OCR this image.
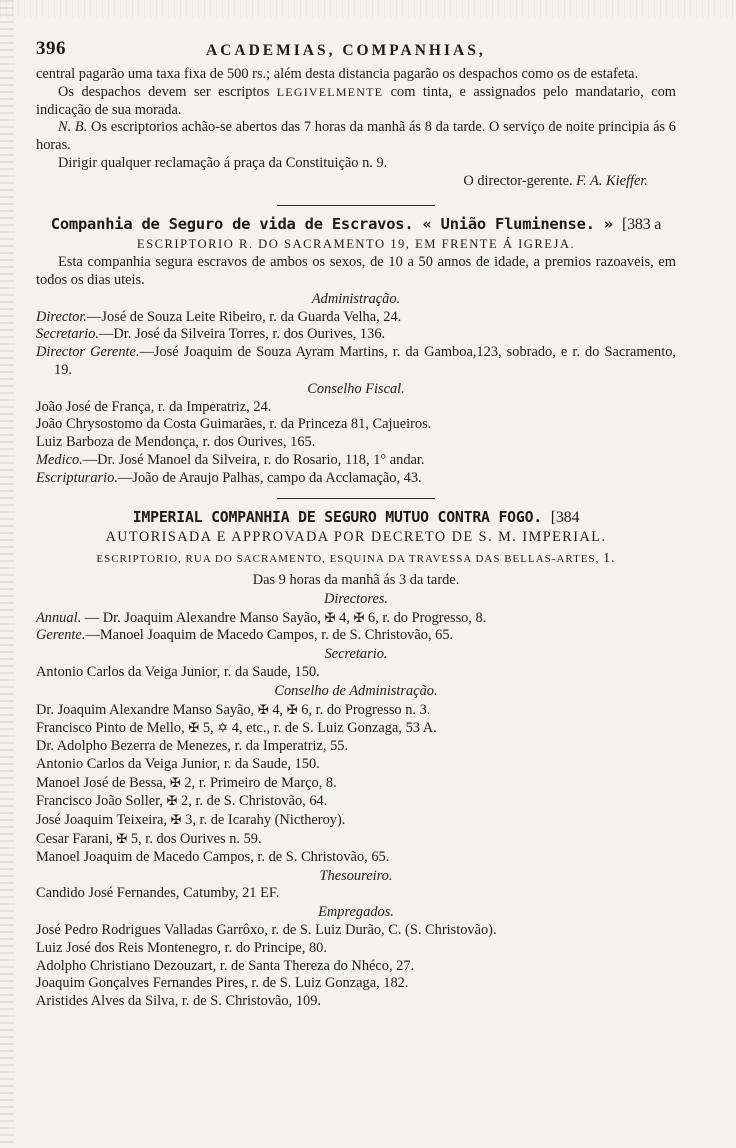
396	ACADEMIAS, COMPANHIAS,

central pagarão uma taxa fixa de 500 rs.; além desta distancia pagarão os despachos como os de estafeta.

Os despachos devem ser escriptos LEGIVELMENTE com tinta, e assignados pelo mandatario, com indicação de sua morada.

N. B. Os escriptorios achão-se abertos das 7 horas da manhã ás 8 da tarde. O serviço de noite principia ás 6 horas.

Dirigir qualquer reclamação á praça da Constituição n. 9.

O director-gerente. F. A. Kieffer.

Companhia de Seguro de vida de Escravos. « União Fluminense. » [383 a

ESCRIPTORIO R. DO SACRAMENTO 19, EM FRENTE Á IGREJA.

Esta companhia segura escravos de ambos os sexos, de 10 a 50 annos de idade, a premios razoaveis, em todos os dias uteis.

Administração.

Director.—José de Souza Leite Ribeiro, r. da Guarda Velha, 24.

Secretario.—Dr. José da Silveira Torres, r. dos Ourives, 136.

Director Gerente.—José Joaquim de Souza Ayram Martins, r. da Gamboa,123, sobrado, e r. do Sacramento, 19.

Conselho Fiscal.

João José de França, r. da Imperatriz, 24.

João Chrysostomo da Costa Guimarães, r. da Princeza 81, Cajueiros.

Luiz Barboza de Mendonça, r. dos Ourives, 165.

Medico.—Dr. José Manoel da Silveira, r. do Rosario, 118, 1° andar.

Escripturario.—João de Araujo Palhas, campo da Acclamação, 43.

IMPERIAL COMPANHIA DE SEGURO MUTUO CONTRA FOGO. [384

AUTORISADA E APPROVADA POR DECRETO DE S. M. IMPERIAL.

ESCRIPTORIO, RUA DO SACRAMENTO, ESQUINA DA TRAVESSA DAS BELLAS-ARTES, 1.

Das 9 horas da manhã ás 3 da tarde.

Directores.

Annual. — Dr. Joaquim Alexandre Manso Sayão, ✠ 4, ✠ 6, r. do Progresso, 8.

Gerente.—Manoel Joaquim de Macedo Campos, r. de S. Christovão, 65.

Secretario.

Antonio Carlos da Veiga Junior, r. da Saude, 150.

Conselho de Administração.

Dr. Joaquim Alexandre Manso Sayão, ✠ 4, ✠ 6, r. do Progresso n. 3.

Francisco Pinto de Mello, ✠ 5, ✡ 4, etc., r. de S. Luiz Gonzaga, 53 A.

Dr. Adolpho Bezerra de Menezes, r. da Imperatriz, 55.

Antonio Carlos da Veiga Junior, r. da Saude, 150.

Manoel José de Bessa, ✠ 2, r. Primeiro de Março, 8.

Francisco João Soller, ✠ 2, r. de S. Christovão, 64.

José Joaquim Teixeira, ✠ 3, r. de Icarahy (Nictheroy).

Cesar Farani, ✠ 5, r. dos Ourives n. 59.

Manoel Joaquim de Macedo Campos, r. de S. Christovão, 65.

Thesoureiro.

Candido José Fernandes, Catumby, 21 EF.

Empregados.

José Pedro Rodrigues Valladas Garrôxo, r. de S. Luiz Durão, C. (S. Christovão).

Luiz José dos Reis Montenegro, r. do Principe, 80.

Adolpho Christiano Dezouzart, r. de Santa Thereza do Nhéco, 27.

Joaquim Gonçalves Fernandes Pires, r. de S. Luiz Gonzaga, 182.

Aristides Alves da Silva, r. de S. Christovão, 109.
